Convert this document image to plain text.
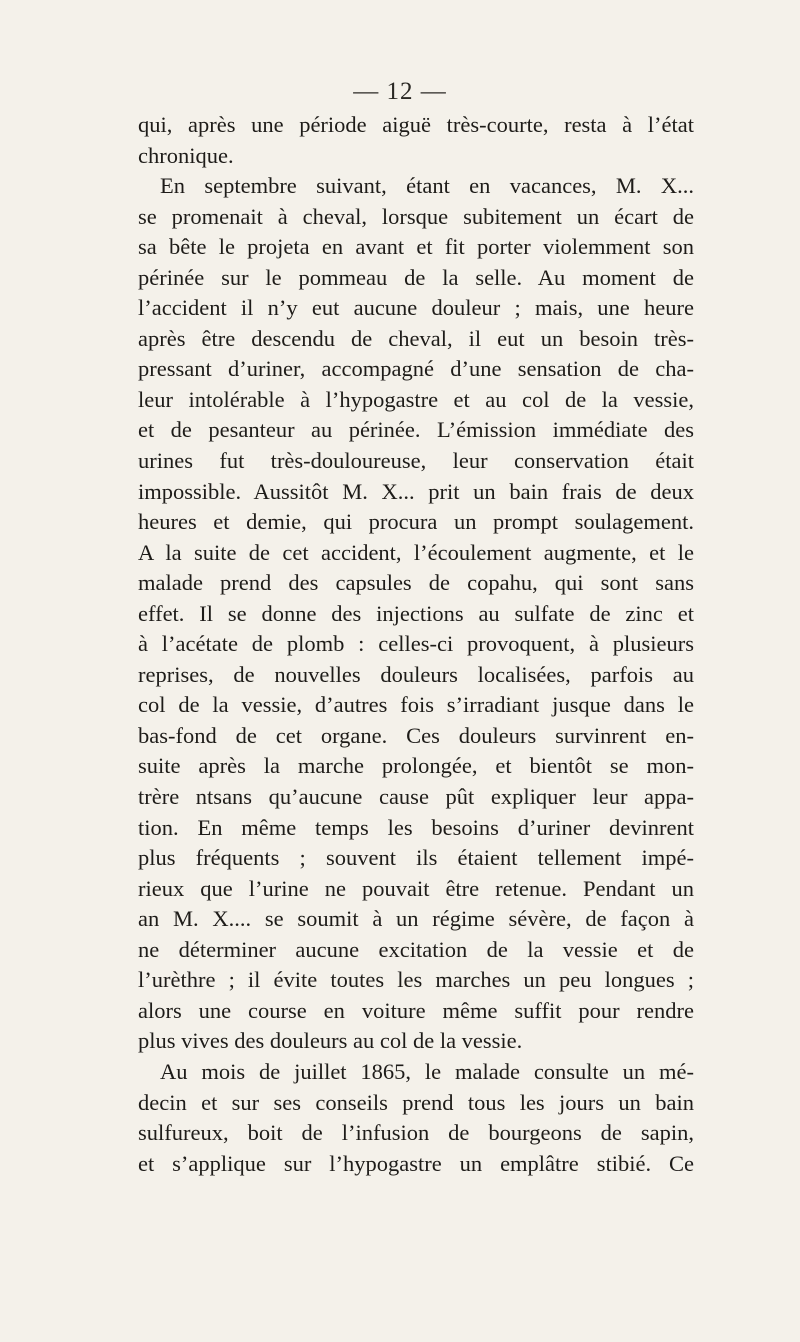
— 12 —
qui, après une période aiguë très-courte, resta à l’état
chronique.
En septembre suivant, étant en vacances, M. X...
se promenait à cheval, lorsque subitement un écart de
sa bête le projeta en avant et fit porter violemment son
périnée sur le pommeau de la selle. Au moment de
l’accident il n’y eut aucune douleur ; mais, une heure
après être descendu de cheval, il eut un besoin très-
pressant d’uriner, accompagné d’une sensation de cha-
leur intolérable à l’hypogastre et au col de la vessie,
et de pesanteur au périnée. L’émission immédiate des
urines fut très-douloureuse, leur conservation était
impossible. Aussitôt M. X... prit un bain frais de deux
heures et demie, qui procura un prompt soulagement.
A la suite de cet accident, l’écoulement augmente, et le
malade prend des capsules de copahu, qui sont sans
effet. Il se donne des injections au sulfate de zinc et
à l’acétate de plomb : celles-ci provoquent, à plusieurs
reprises, de nouvelles douleurs localisées, parfois au
col de la vessie, d’autres fois s’irradiant jusque dans le
bas-fond de cet organe. Ces douleurs survinrent en-
suite après la marche prolongée, et bientôt se mon-
trère ntsans qu’aucune cause pût expliquer leur appa-
tion. En même temps les besoins d’uriner devinrent
plus fréquents ; souvent ils étaient tellement impé-
rieux que l’urine ne pouvait être retenue. Pendant un
an M. X.... se soumit à un régime sévère, de façon à
ne déterminer aucune excitation de la vessie et de
l’urèthre ; il évite toutes les marches un peu longues ;
alors une course en voiture même suffit pour rendre
plus vives des douleurs au col de la vessie.
Au mois de juillet 1865, le malade consulte un mé-
decin et sur ses conseils prend tous les jours un bain
sulfureux, boit de l’infusion de bourgeons de sapin,
et s’applique sur l’hypogastre un emplâtre stibié. Ce
